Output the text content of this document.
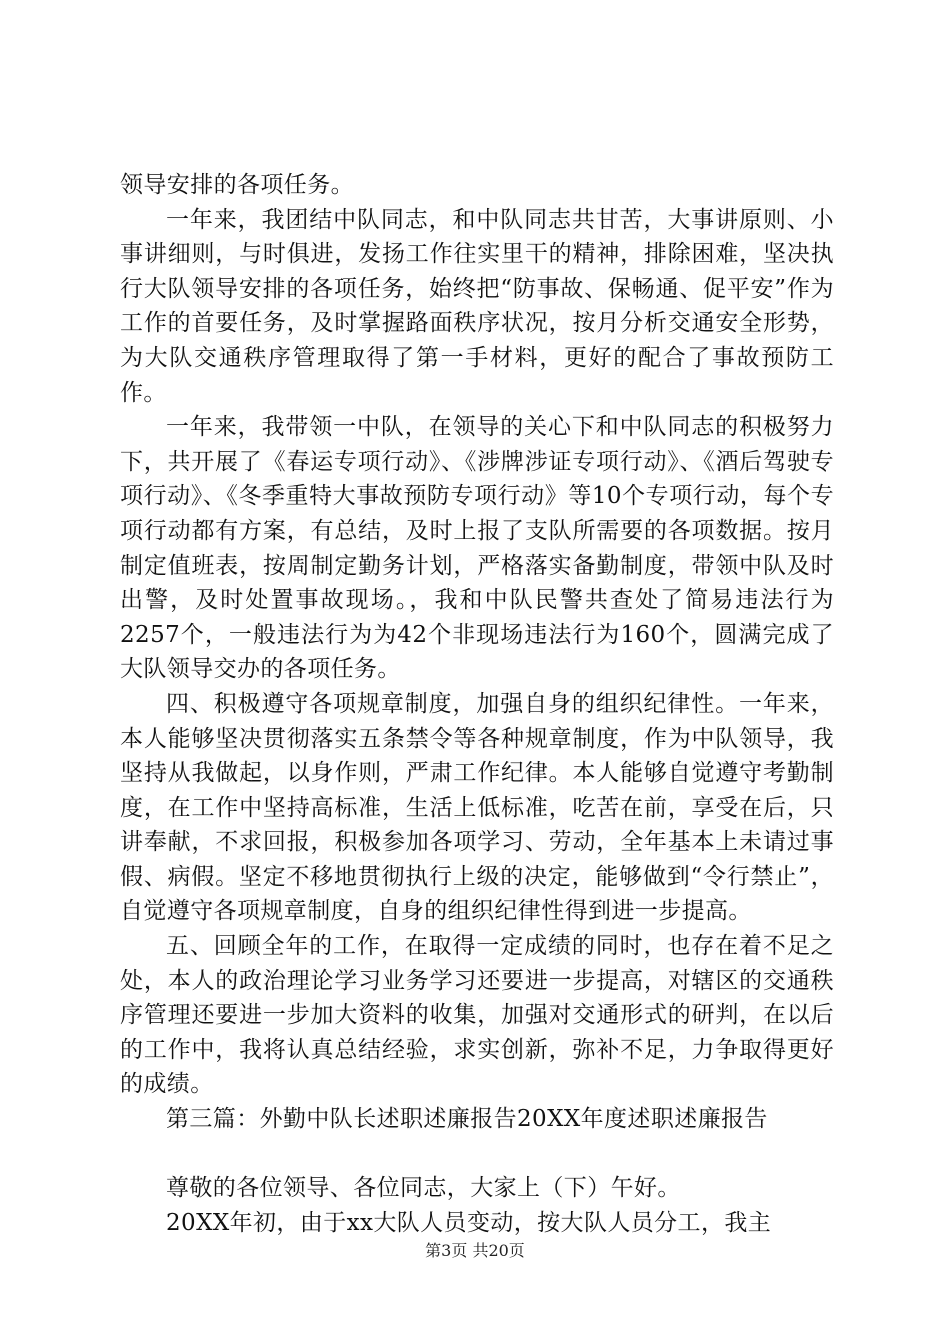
领导安排的各项任务。

一年来，我团结中队同志，和中队同志共甘苦，大事讲原则、小事讲细则，与时俱进，发扬工作往实里干的精神，排除困难，坚决执行大队领导安排的各项任务，始终把“防事故、保畅通、促平安”作为工作的首要任务，及时掌握路面秩序状况，按月分析交通安全形势，为大队交通秩序管理取得了第一手材料，更好的配合了事故预防工作。

一年来，我带领一中队，在领导的关心下和中队同志的积极努力下，共开展了《春运专项行动》、《涉牌涉证专项行动》、《酒后驾驶专项行动》、《冬季重特大事故预防专项行动》等10个专项行动，每个专项行动都有方案，有总结，及时上报了支队所需要的各项数据。按月制定值班表，按周制定勤务计划，严格落实备勤制度，带领中队及时出警，及时处置事故现场。，我和中队民警共查处了简易违法行为2257个，一般违法行为为42个非现场违法行为160个，圆满完成了大队领导交办的各项任务。

四、积极遵守各项规章制度，加强自身的组织纪律性。一年来，本人能够坚决贯彻落实五条禁令等各种规章制度，作为中队领导，我坚持从我做起，以身作则，严肃工作纪律。本人能够自觉遵守考勤制度，在工作中坚持高标准，生活上低标准，吃苦在前，享受在后，只讲奉献，不求回报，积极参加各项学习、劳动，全年基本上未请过事假、病假。坚定不移地贯彻执行上级的决定，能够做到“令行禁止”，自觉遵守各项规章制度，自身的组织纪律性得到进一步提高。

五、回顾全年的工作，在取得一定成绩的同时，也存在着不足之处，本人的政治理论学习业务学习还要进一步提高，对辖区的交通秩序管理还要进一步加大资料的收集，加强对交通形式的研判，在以后的工作中，我将认真总结经验，求实创新，弥补不足，力争取得更好的成绩。

第三篇：外勤中队长述职述廉报告20XX年度述职述廉报告

尊敬的各位领导、各位同志，大家上（下）午好。

20XX年初，由于xx大队人员变动，按大队人员分工，我主

第3页 共20页
